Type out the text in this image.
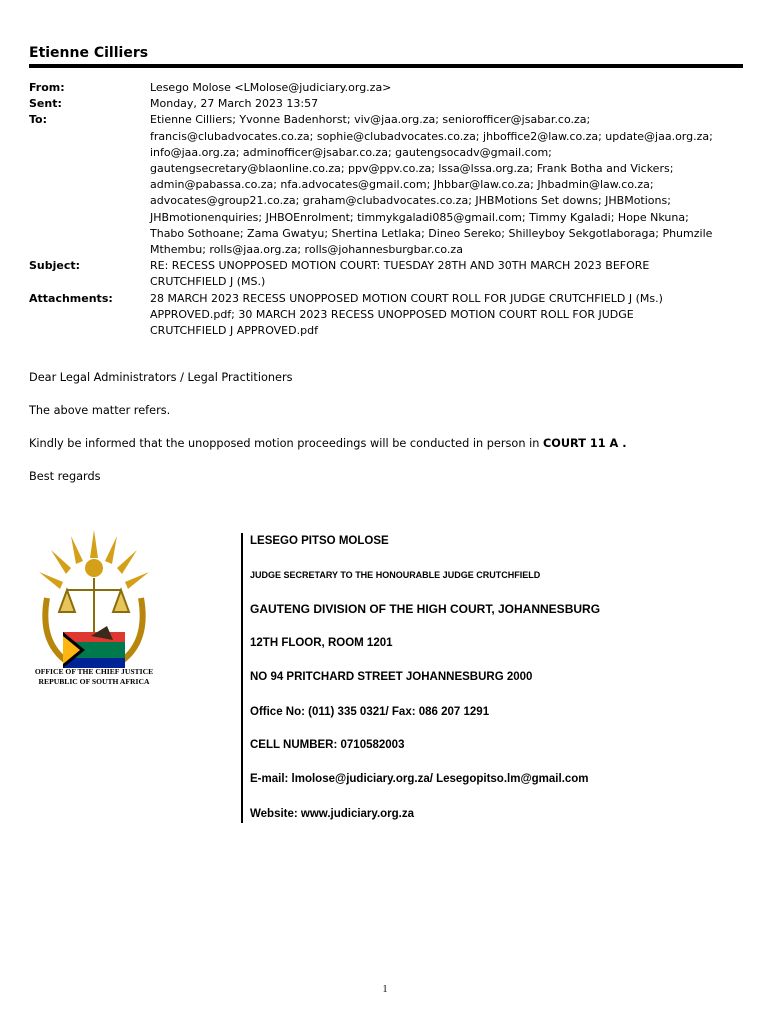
Etienne Cilliers
From:	Lesego Molose <LMolose@judiciary.org.za>
Sent:	Monday, 27 March 2023 13:57
To:	Etienne Cilliers; Yvonne Badenhorst; viv@jaa.org.za; seniorofficer@jsabar.co.za;
francis@clubadvocates.co.za; sophie@clubadvocates.co.za; jhboffice2@law.co.za; update@jaa.org.za;
info@jaa.org.za; adminofficer@jsabar.co.za; gautengsocadv@gmail.com;
gautengsecretary@blaonline.co.za; ppv@ppv.co.za; lssa@lssa.org.za; Frank Botha and Vickers;
admin@pabassa.co.za; nfa.advocates@gmail.com; Jhbbar@law.co.za; Jhbadmin@law.co.za;
advocates@group21.co.za; graham@clubadvocates.co.za; JHBMotions Set downs; JHBMotions;
JHBmotionenquiries; JHBOEnrolment; timmykgaladi085@gmail.com; Timmy Kgaladi; Hope Nkuna;
Thabo Sothoane; Zama Gwatyu; Shertina Letlaka; Dineo Sereko; Shilleyboy Sekgotlaboraga; Phumzile
Mthembu; rolls@jaa.org.za; rolls@johannesburgbar.co.za
Subject:	RE: RECESS UNOPPOSED MOTION COURT: TUESDAY 28TH AND 30TH MARCH 2023 BEFORE
CRUTCHFIELD J (MS.)
Attachments:	28 MARCH 2023 RECESS UNOPPOSED MOTION COURT ROLL FOR JUDGE CRUTCHFIELD J (Ms.)
APPROVED.pdf; 30 MARCH 2023 RECESS UNOPPOSED MOTION COURT ROLL FOR JUDGE
CRUTCHFIELD J APPROVED.pdf

Dear Legal Administrators / Legal Practitioners

The above matter refers.

Kindly be informed that the unopposed motion proceedings will be conducted in person in COURT 11 A .

Best regards

OFFICE OF THE CHIEF JUSTICE
REPUBLIC OF SOUTH AFRICA
LESEGO PITSO MOLOSE
JUDGE SECRETARY TO THE HONOURABLE JUDGE CRUTCHFIELD
GAUTENG DIVISION OF THE HIGH COURT, JOHANNESBURG
12TH FLOOR, ROOM 1201
NO 94 PRITCHARD STREET JOHANNESBURG 2000
Office No: (011) 335 0321/ Fax: 086 207 1291
CELL NUMBER: 0710582003
E-mail: lmolose@judiciary.org.za/ Lesegopitso.lm@gmail.com
Website: www.judiciary.org.za
1
